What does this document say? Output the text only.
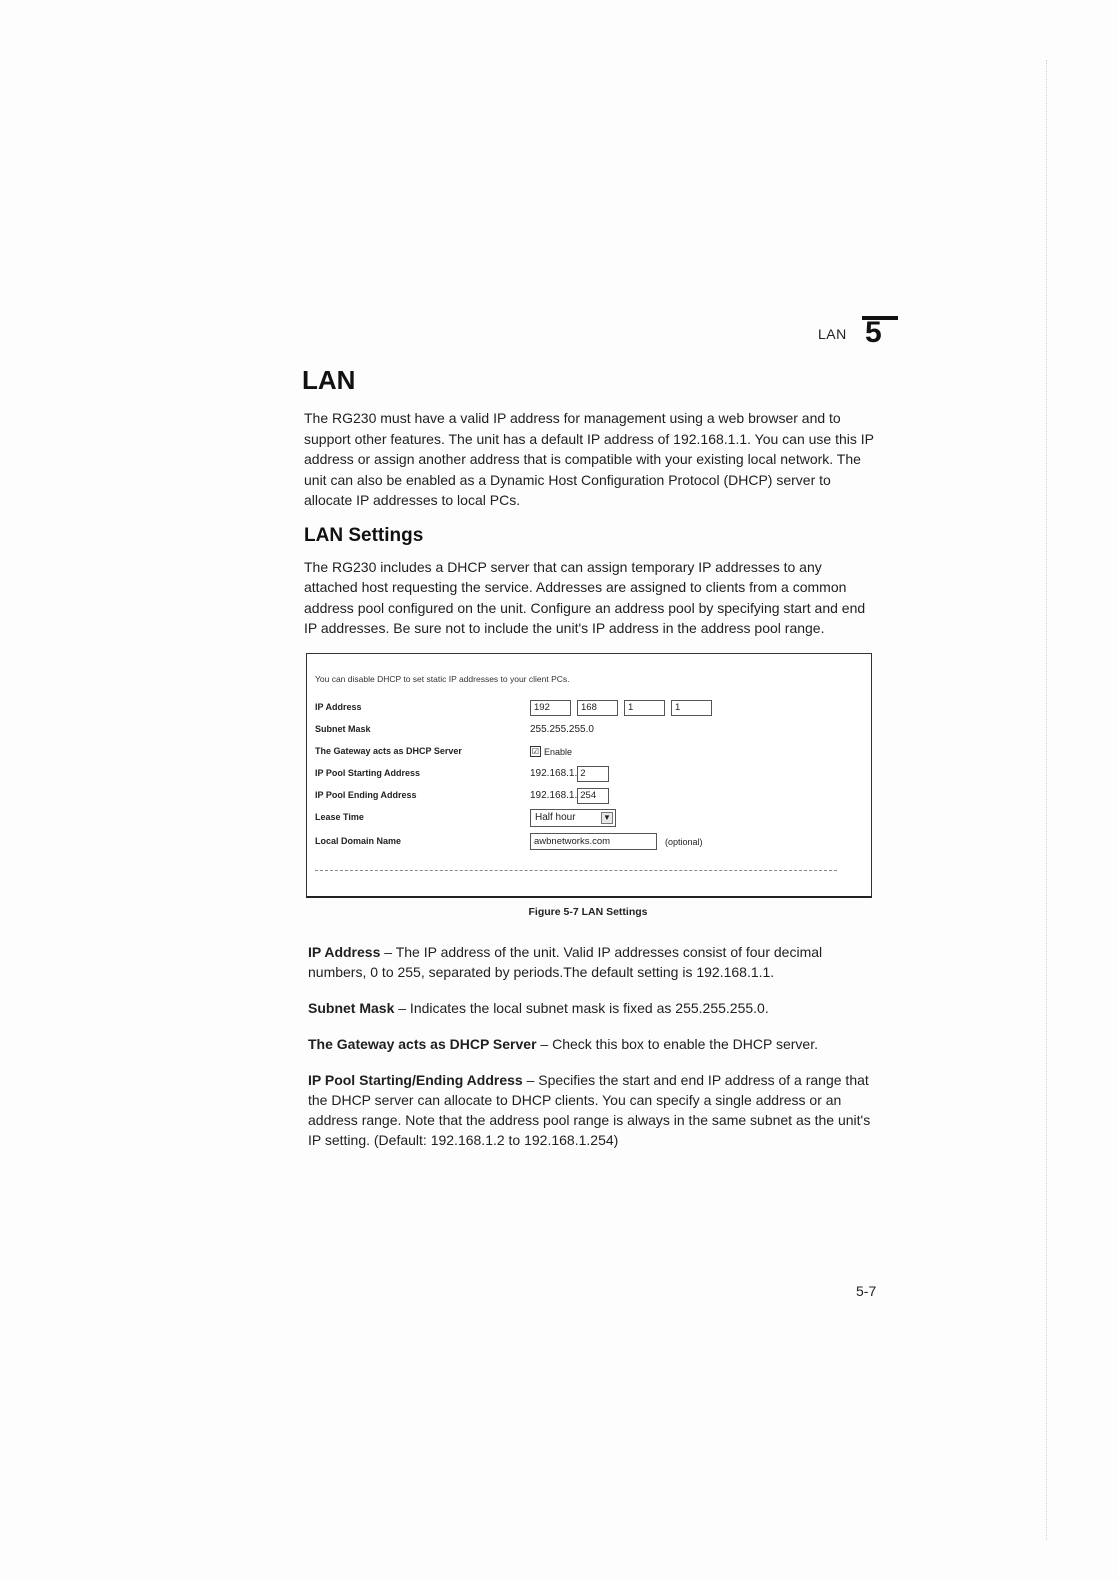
LAN 5
LAN

The RG230 must have a valid IP address for management using a web browser and to support other features. The unit has a default IP address of 192.168.1.1. You can use this IP address or assign another address that is compatible with your existing local network. The unit can also be enabled as a Dynamic Host Configuration Protocol (DHCP) server to allocate IP addresses to local PCs.

LAN Settings

The RG230 includes a DHCP server that can assign temporary IP addresses to any attached host requesting the service. Addresses are assigned to clients from a common address pool configured on the unit. Configure an address pool by specifying start and end IP addresses. Be sure not to include the unit's IP address in the address pool range.

You can disable DHCP to set static IP addresses to your client PCs.
IP Address	192	168	1	1
Subnet Mask	255.255.255.0
The Gateway acts as DHCP Server	☑ Enable
IP Pool Starting Address	192.168.1. 2
IP Pool Ending Address	192.168.1. 254
Lease Time	Half hour	▼
Local Domain Name	awbnetworks.com	(optional)
Figure 5-7 LAN Settings

IP Address – The IP address of the unit. Valid IP addresses consist of four decimal numbers, 0 to 255, separated by periods.The default setting is 192.168.1.1.

Subnet Mask – Indicates the local subnet mask is fixed as 255.255.255.0.

The Gateway acts as DHCP Server – Check this box to enable the DHCP server.

IP Pool Starting/Ending Address – Specifies the start and end IP address of a range that the DHCP server can allocate to DHCP clients. You can specify a single address or an address range. Note that the address pool range is always in the same subnet as the unit's IP setting. (Default: 192.168.1.2 to 192.168.1.254)

5-7
